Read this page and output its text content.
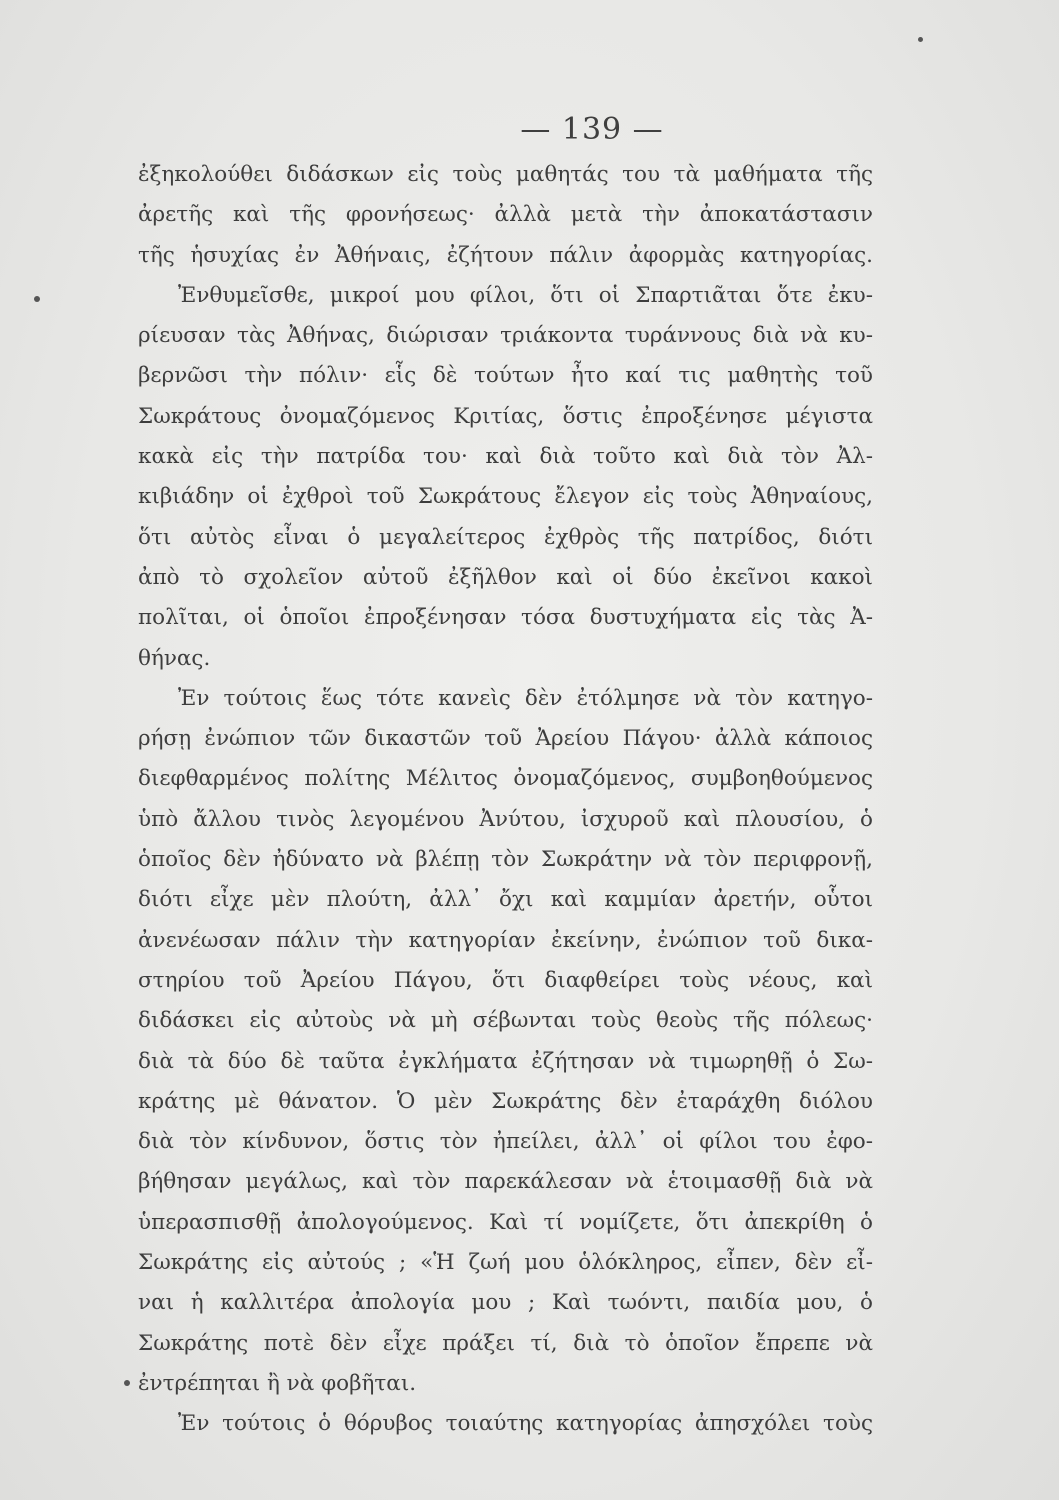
— 139 —
ἐξηκολούθει διδάσκων εἰς τοὺς μαθητάς του τὰ μαθήματα τῆς
ἀρετῆς καὶ τῆς φρονήσεως· ἀλλὰ μετὰ τὴν ἀποκατάστασιν
τῆς ἡσυχίας ἐν Ἀθήναις, ἐζήτουν πάλιν ἀφορμὰς κατηγορίας.
Ἐνθυμεῖσθε, μικροί μου φίλοι, ὅτι οἱ Σπαρτιᾶται ὅτε ἐκυ-
ρίευσαν τὰς Ἀθήνας, διώρισαν τριάκοντα τυράννους διὰ νὰ κυ-
βερνῶσι τὴν πόλιν· εἷς δὲ τούτων ἦτο καί τις μαθητὴς τοῦ
Σωκράτους ὀνομαζόμενος Κριτίας, ὅστις ἐπροξένησε μέγιστα
κακὰ εἰς τὴν πατρίδα του· καὶ διὰ τοῦτο καὶ διὰ τὸν Ἀλ-
κιβιάδην οἱ ἐχθροὶ τοῦ Σωκράτους ἔλεγον εἰς τοὺς Ἀθηναίους,
ὅτι αὐτὸς εἶναι ὁ μεγαλείτερος ἐχθρὸς τῆς πατρίδος, διότι
ἀπὸ τὸ σχολεῖον αὐτοῦ ἐξῆλθον καὶ οἱ δύο ἐκεῖνοι κακοὶ
πολῖται, οἱ ὁποῖοι ἐπροξένησαν τόσα δυστυχήματα εἰς τὰς Ἀ-
θήνας.
Ἐν τούτοις ἕως τότε κανεὶς δὲν ἐτόλμησε νὰ τὸν κατηγο-
ρήσῃ ἐνώπιον τῶν δικαστῶν τοῦ Ἀρείου Πάγου· ἀλλὰ κάποιος
διεφθαρμένος πολίτης Μέλιτος ὀνομαζόμενος, συμβοηθούμενος
ὑπὸ ἄλλου τινὸς λεγομένου Ἀνύτου, ἰσχυροῦ καὶ πλουσίου, ὁ
ὁποῖος δὲν ἠδύνατο νὰ βλέπῃ τὸν Σωκράτην νὰ τὸν περιφρονῇ,
διότι εἶχε μὲν πλούτη, ἀλλ᾽ ὄχι καὶ καμμίαν ἀρετήν, οὗτοι
ἀνενέωσαν πάλιν τὴν κατηγορίαν ἐκείνην, ἐνώπιον τοῦ δικα-
στηρίου τοῦ Ἀρείου Πάγου, ὅτι διαφθείρει τοὺς νέους, καὶ
διδάσκει εἰς αὐτοὺς νὰ μὴ σέβωνται τοὺς θεοὺς τῆς πόλεως·
διὰ τὰ δύο δὲ ταῦτα ἐγκλήματα ἐζήτησαν νὰ τιμωρηθῇ ὁ Σω-
κράτης μὲ θάνατον. Ὁ μὲν Σωκράτης δὲν ἐταράχθη διόλου
διὰ τὸν κίνδυνον, ὅστις τὸν ἠπείλει, ἀλλ᾽ οἱ φίλοι του ἐφο-
βήθησαν μεγάλως, καὶ τὸν παρεκάλεσαν νὰ ἑτοιμασθῇ διὰ νὰ
ὑπερασπισθῇ ἀπολογούμενος. Καὶ τί νομίζετε, ὅτι ἀπεκρίθη ὁ
Σωκράτης εἰς αὐτούς ; «Ἡ ζωή μου ὁλόκληρος, εἶπεν, δὲν εἶ-
ναι ἡ καλλιτέρα ἀπολογία μου ; Καὶ τωόντι, παιδία μου, ὁ
Σωκράτης ποτὲ δὲν εἶχε πράξει τί, διὰ τὸ ὁποῖον ἔπρεπε νὰ
ἐντρέπηται ἢ νὰ φοβῆται.
Ἐν τούτοις ὁ θόρυβος τοιαύτης κατηγορίας ἀπησχόλει τοὺς
